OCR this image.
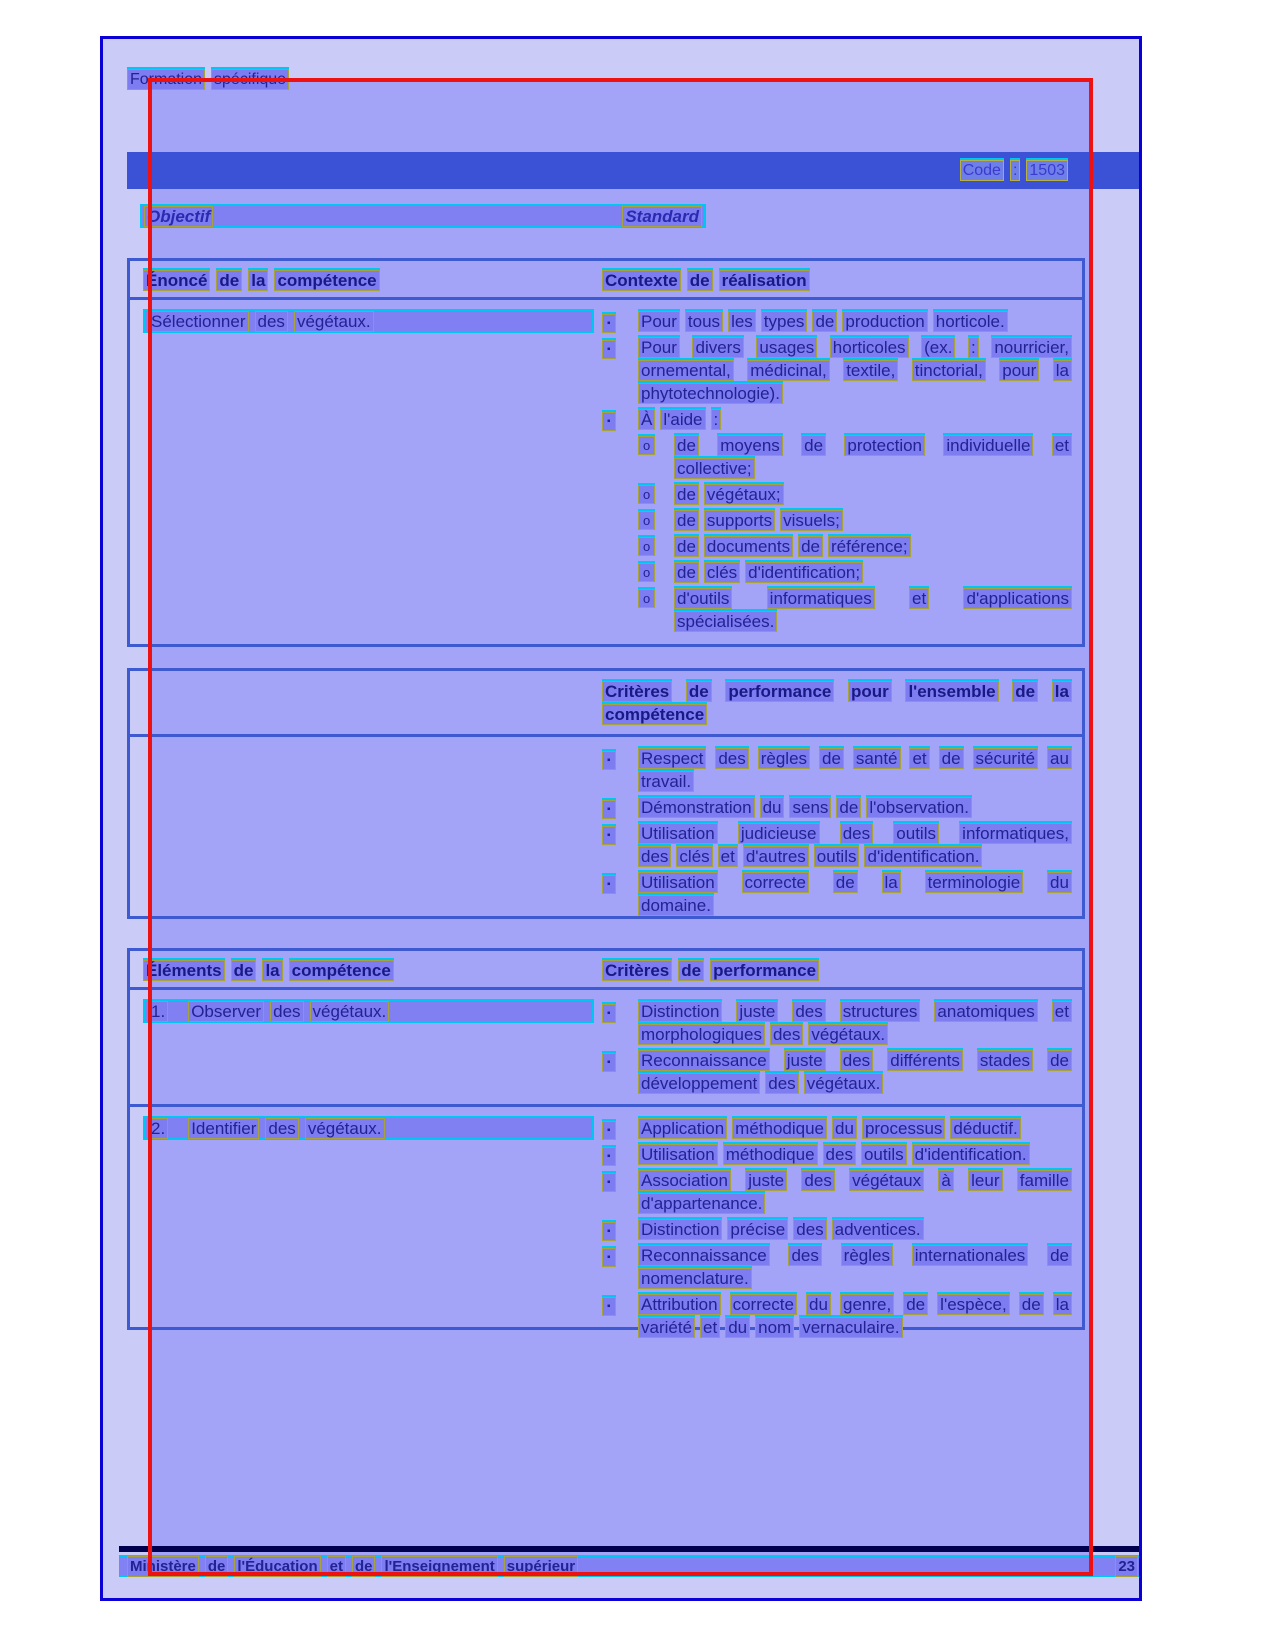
Formation spécifique
Code : 1503
Objectif	Standard
Énoncé de la compétence	Contexte de réalisation
Sélectionner des végétaux.	▪	Pour tous les types de production horticole.
▪	Pour divers usages horticoles (ex. : nourricier,
ornemental, médicinal, textile, tinctorial, pour la
phytotechnologie).
▪	À l'aide :
o	de moyens de protection individuelle et
collective;
o	de végétaux;
o	de supports visuels;
o	de documents de référence;
o	de clés d'identification;
o	d'outils informatiques et d'applications
spécialisées.
Critères de performance pour l'ensemble de la
compétence
▪	Respect des règles de santé et de sécurité au
travail.
▪	Démonstration du sens de l'observation.
▪	Utilisation judicieuse des outils informatiques,
des clés et d'autres outils d'identification.
▪	Utilisation correcte de la terminologie du
domaine.
Éléments de la compétence	Critères de performance
1. Observer des végétaux.	▪	Distinction juste des structures anatomiques et
morphologiques des végétaux.
▪	Reconnaissance juste des différents stades de
développement des végétaux.
2. Identifier des végétaux.	▪	Application méthodique du processus déductif.
▪	Utilisation méthodique des outils d'identification.
▪	Association juste des végétaux à leur famille
d'appartenance.
▪	Distinction précise des adventices.
▪	Reconnaissance des règles internationales de
nomenclature.
▪	Attribution correcte du genre, de l'espèce, de la
variété et du nom vernaculaire.
Ministère de l'Éducation et de l'Enseignement supérieur	23
